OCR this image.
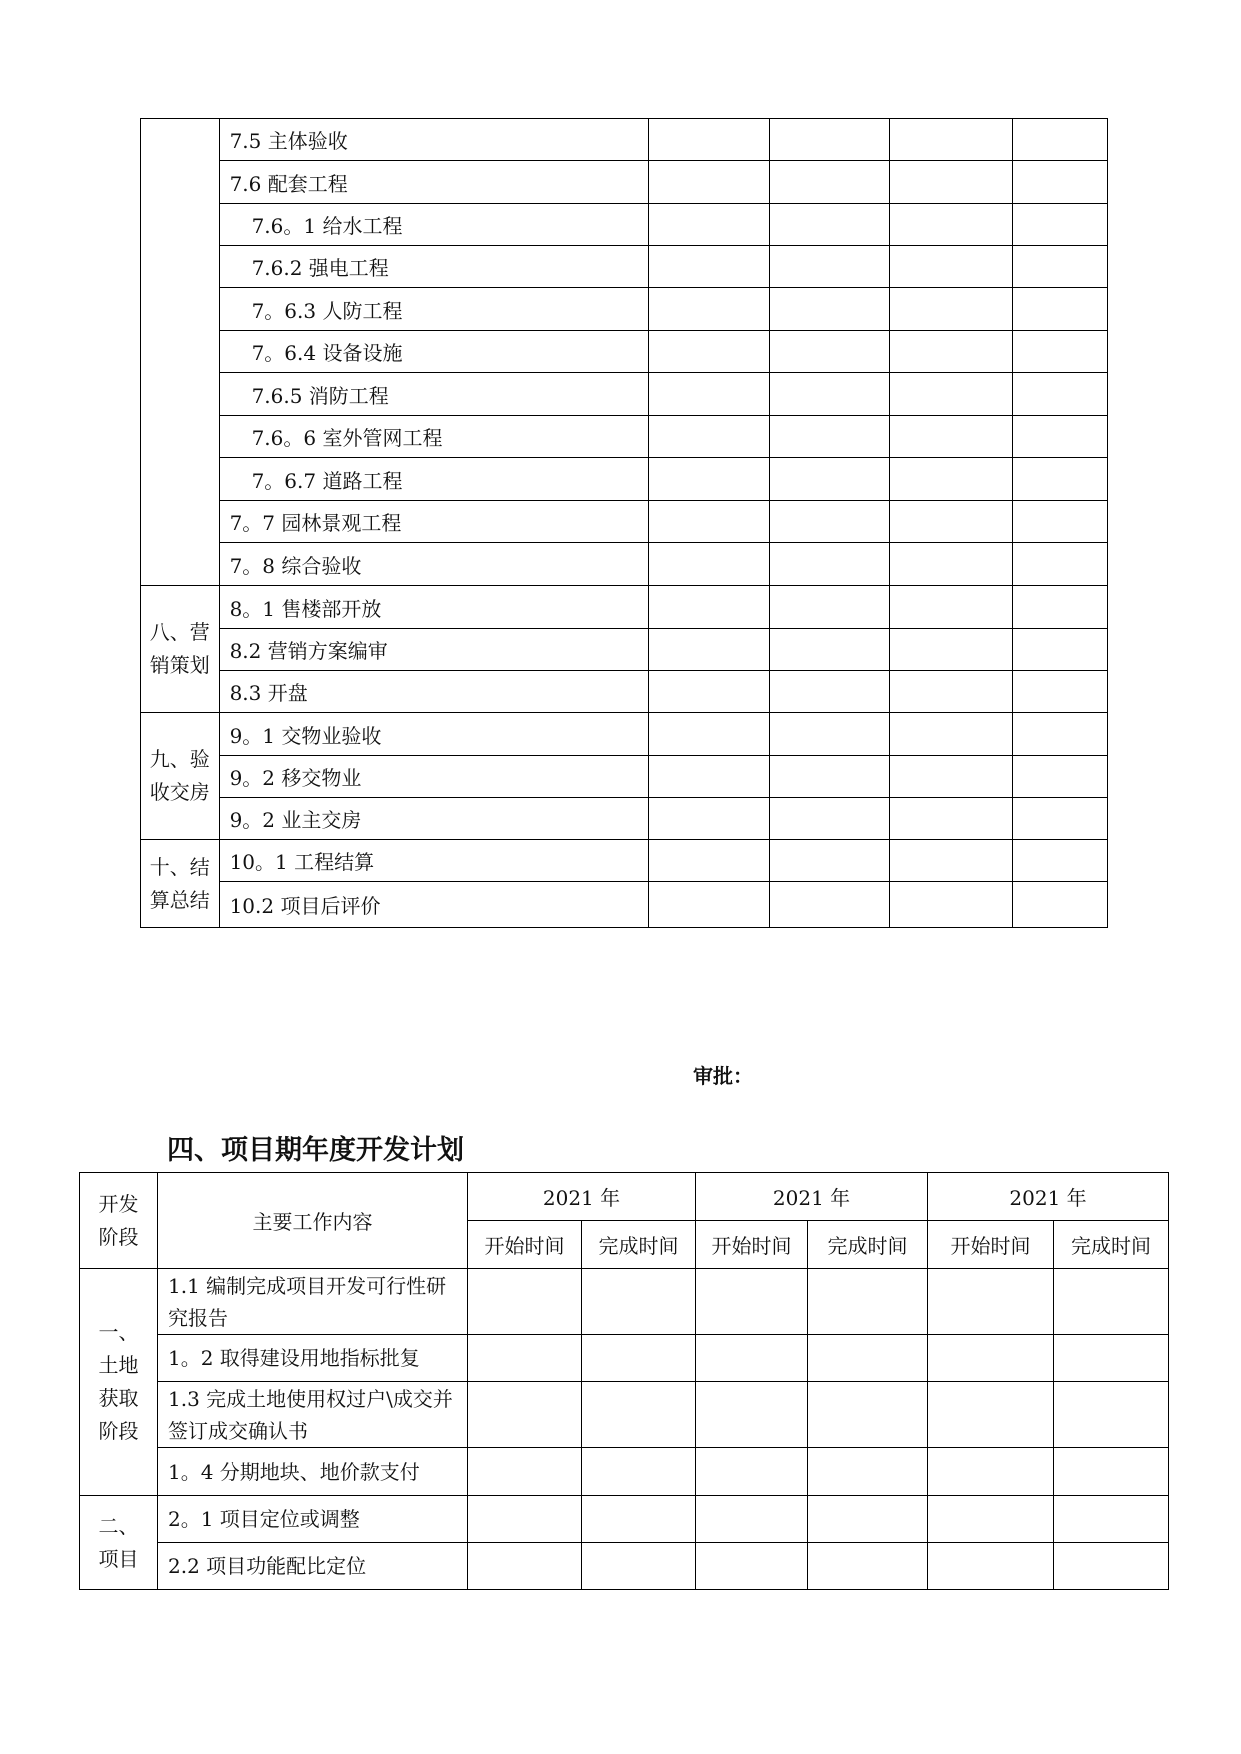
	7.5 主体验收				
	7.6 配套工程				
	7.6。1 给水工程				
	7.6.2 强电工程				
	7。6.3 人防工程				
	7。6.4 设备设施				
	7.6.5 消防工程				
	7.6。6 室外管网工程				
	7。6.7 道路工程				
	7。7 园林景观工程				
	7。8 综合验收				
八、营销策划	8。1 售楼部开放				
	8.2 营销方案编审				
	8.3 开盘				
九、验收交房	9。1 交物业验收				
	9。2 移交物业				
	9。2 业主交房				
十、结算总结	10。1 工程结算				
	10.2 项目后评价				
审批：
四、项目期年度开发计划
开发阶段	主要工作内容	2021 年		2021 年		2021 年	
		开始时间	完成时间	开始时间	完成时间	开始时间	完成时间
一、土地获取阶段	1.1 编制完成项目开发可行性研究报告						
	1。2 取得建设用地指标批复						
	1.3 完成土地使用权过户\成交并签订成交确认书						
	1。4 分期地块、地价款支付						
二、项目	2。1 项目定位或调整						
	2.2 项目功能配比定位						
